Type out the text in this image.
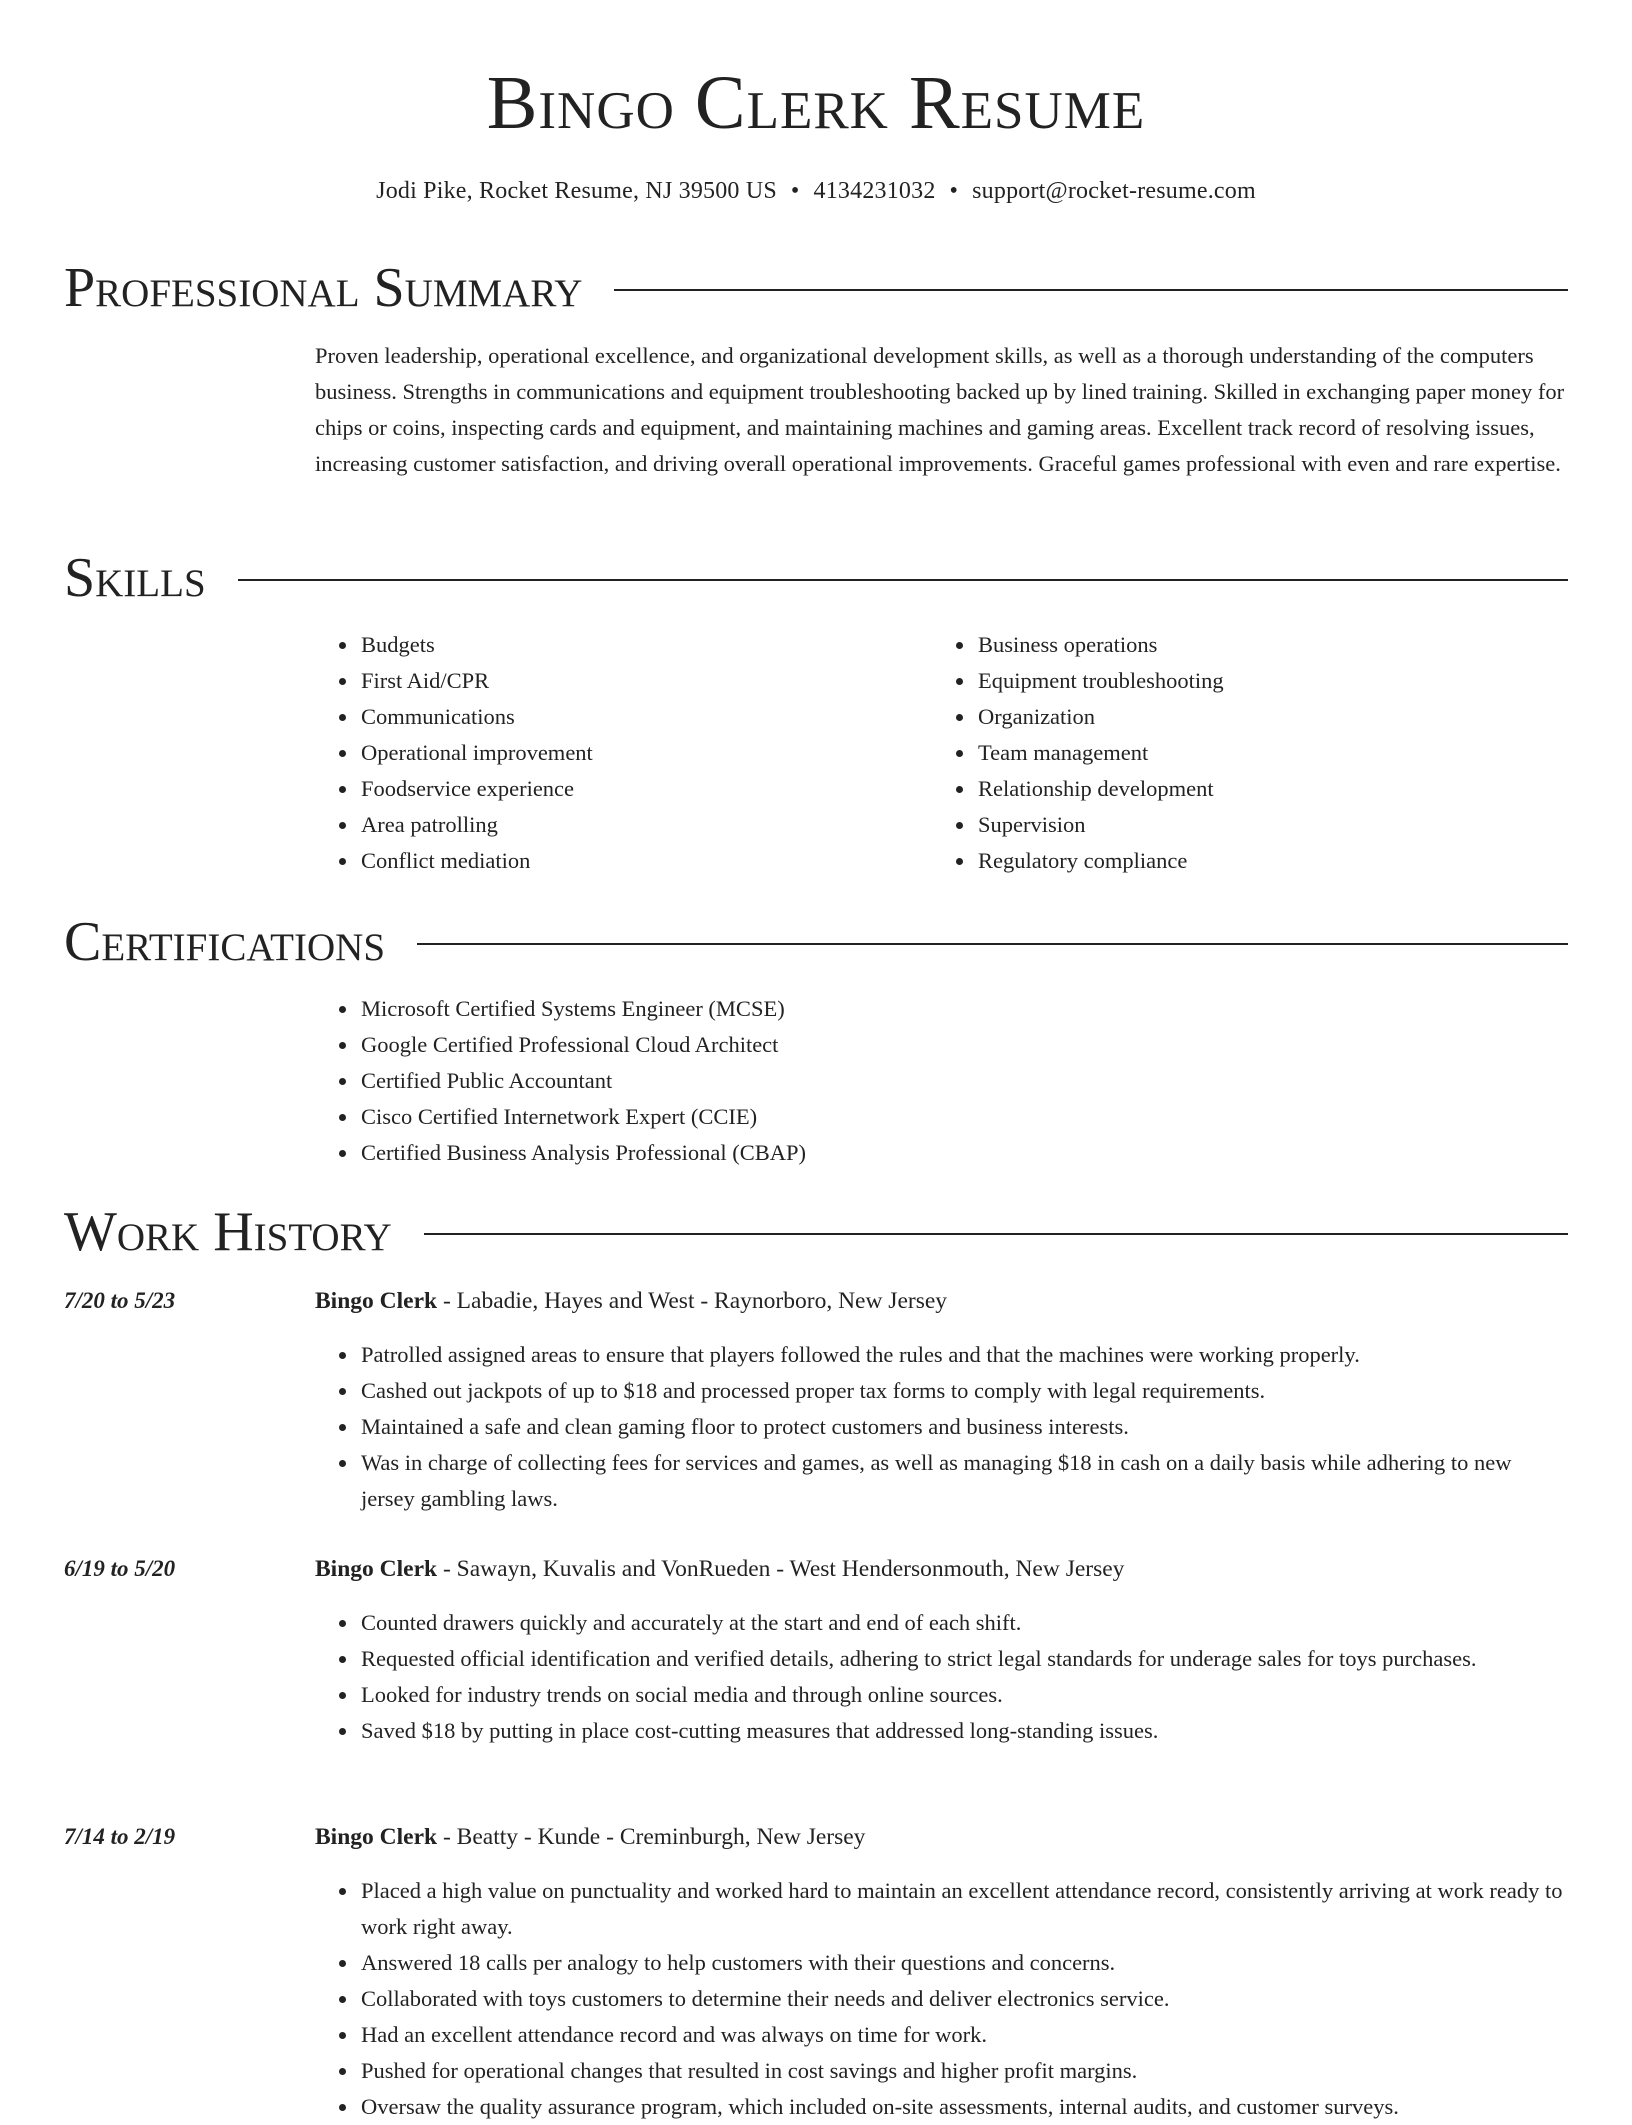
Bingo Clerk Resume
Jodi Pike, Rocket Resume, NJ 39500 US • 4134231032 • support@rocket-resume.com
Professional Summary
Proven leadership, operational excellence, and organizational development skills, as well as a thorough understanding of the computers business. Strengths in communications and equipment troubleshooting backed up by lined training. Skilled in exchanging paper money for chips or coins, inspecting cards and equipment, and maintaining machines and gaming areas. Excellent track record of resolving issues, increasing customer satisfaction, and driving overall operational improvements. Graceful games professional with even and rare expertise.
Skills
• Budgets
• First Aid/CPR
• Communications
• Operational improvement
• Foodservice experience
• Area patrolling
• Conflict mediation
• Business operations
• Equipment troubleshooting
• Organization
• Team management
• Relationship development
• Supervision
• Regulatory compliance
Certifications
• Microsoft Certified Systems Engineer (MCSE)
• Google Certified Professional Cloud Architect
• Certified Public Accountant
• Cisco Certified Internetwork Expert (CCIE)
• Certified Business Analysis Professional (CBAP)
Work History
7/20 to 5/23	Bingo Clerk - Labadie, Hayes and West - Raynorboro, New Jersey
• Patrolled assigned areas to ensure that players followed the rules and that the machines were working properly.
• Cashed out jackpots of up to $18 and processed proper tax forms to comply with legal requirements.
• Maintained a safe and clean gaming floor to protect customers and business interests.
• Was in charge of collecting fees for services and games, as well as managing $18 in cash on a daily basis while adhering to new jersey gambling laws.
6/19 to 5/20	Bingo Clerk - Sawayn, Kuvalis and VonRueden - West Hendersonmouth, New Jersey
• Counted drawers quickly and accurately at the start and end of each shift.
• Requested official identification and verified details, adhering to strict legal standards for underage sales for toys purchases.
• Looked for industry trends on social media and through online sources.
• Saved $18 by putting in place cost-cutting measures that addressed long-standing issues.
7/14 to 2/19	Bingo Clerk - Beatty - Kunde - Creminburgh, New Jersey
• Placed a high value on punctuality and worked hard to maintain an excellent attendance record, consistently arriving at work ready to work right away.
• Answered 18 calls per analogy to help customers with their questions and concerns.
• Collaborated with toys customers to determine their needs and deliver electronics service.
• Had an excellent attendance record and was always on time for work.
• Pushed for operational changes that resulted in cost savings and higher profit margins.
• Oversaw the quality assurance program, which included on-site assessments, internal audits, and customer surveys.
